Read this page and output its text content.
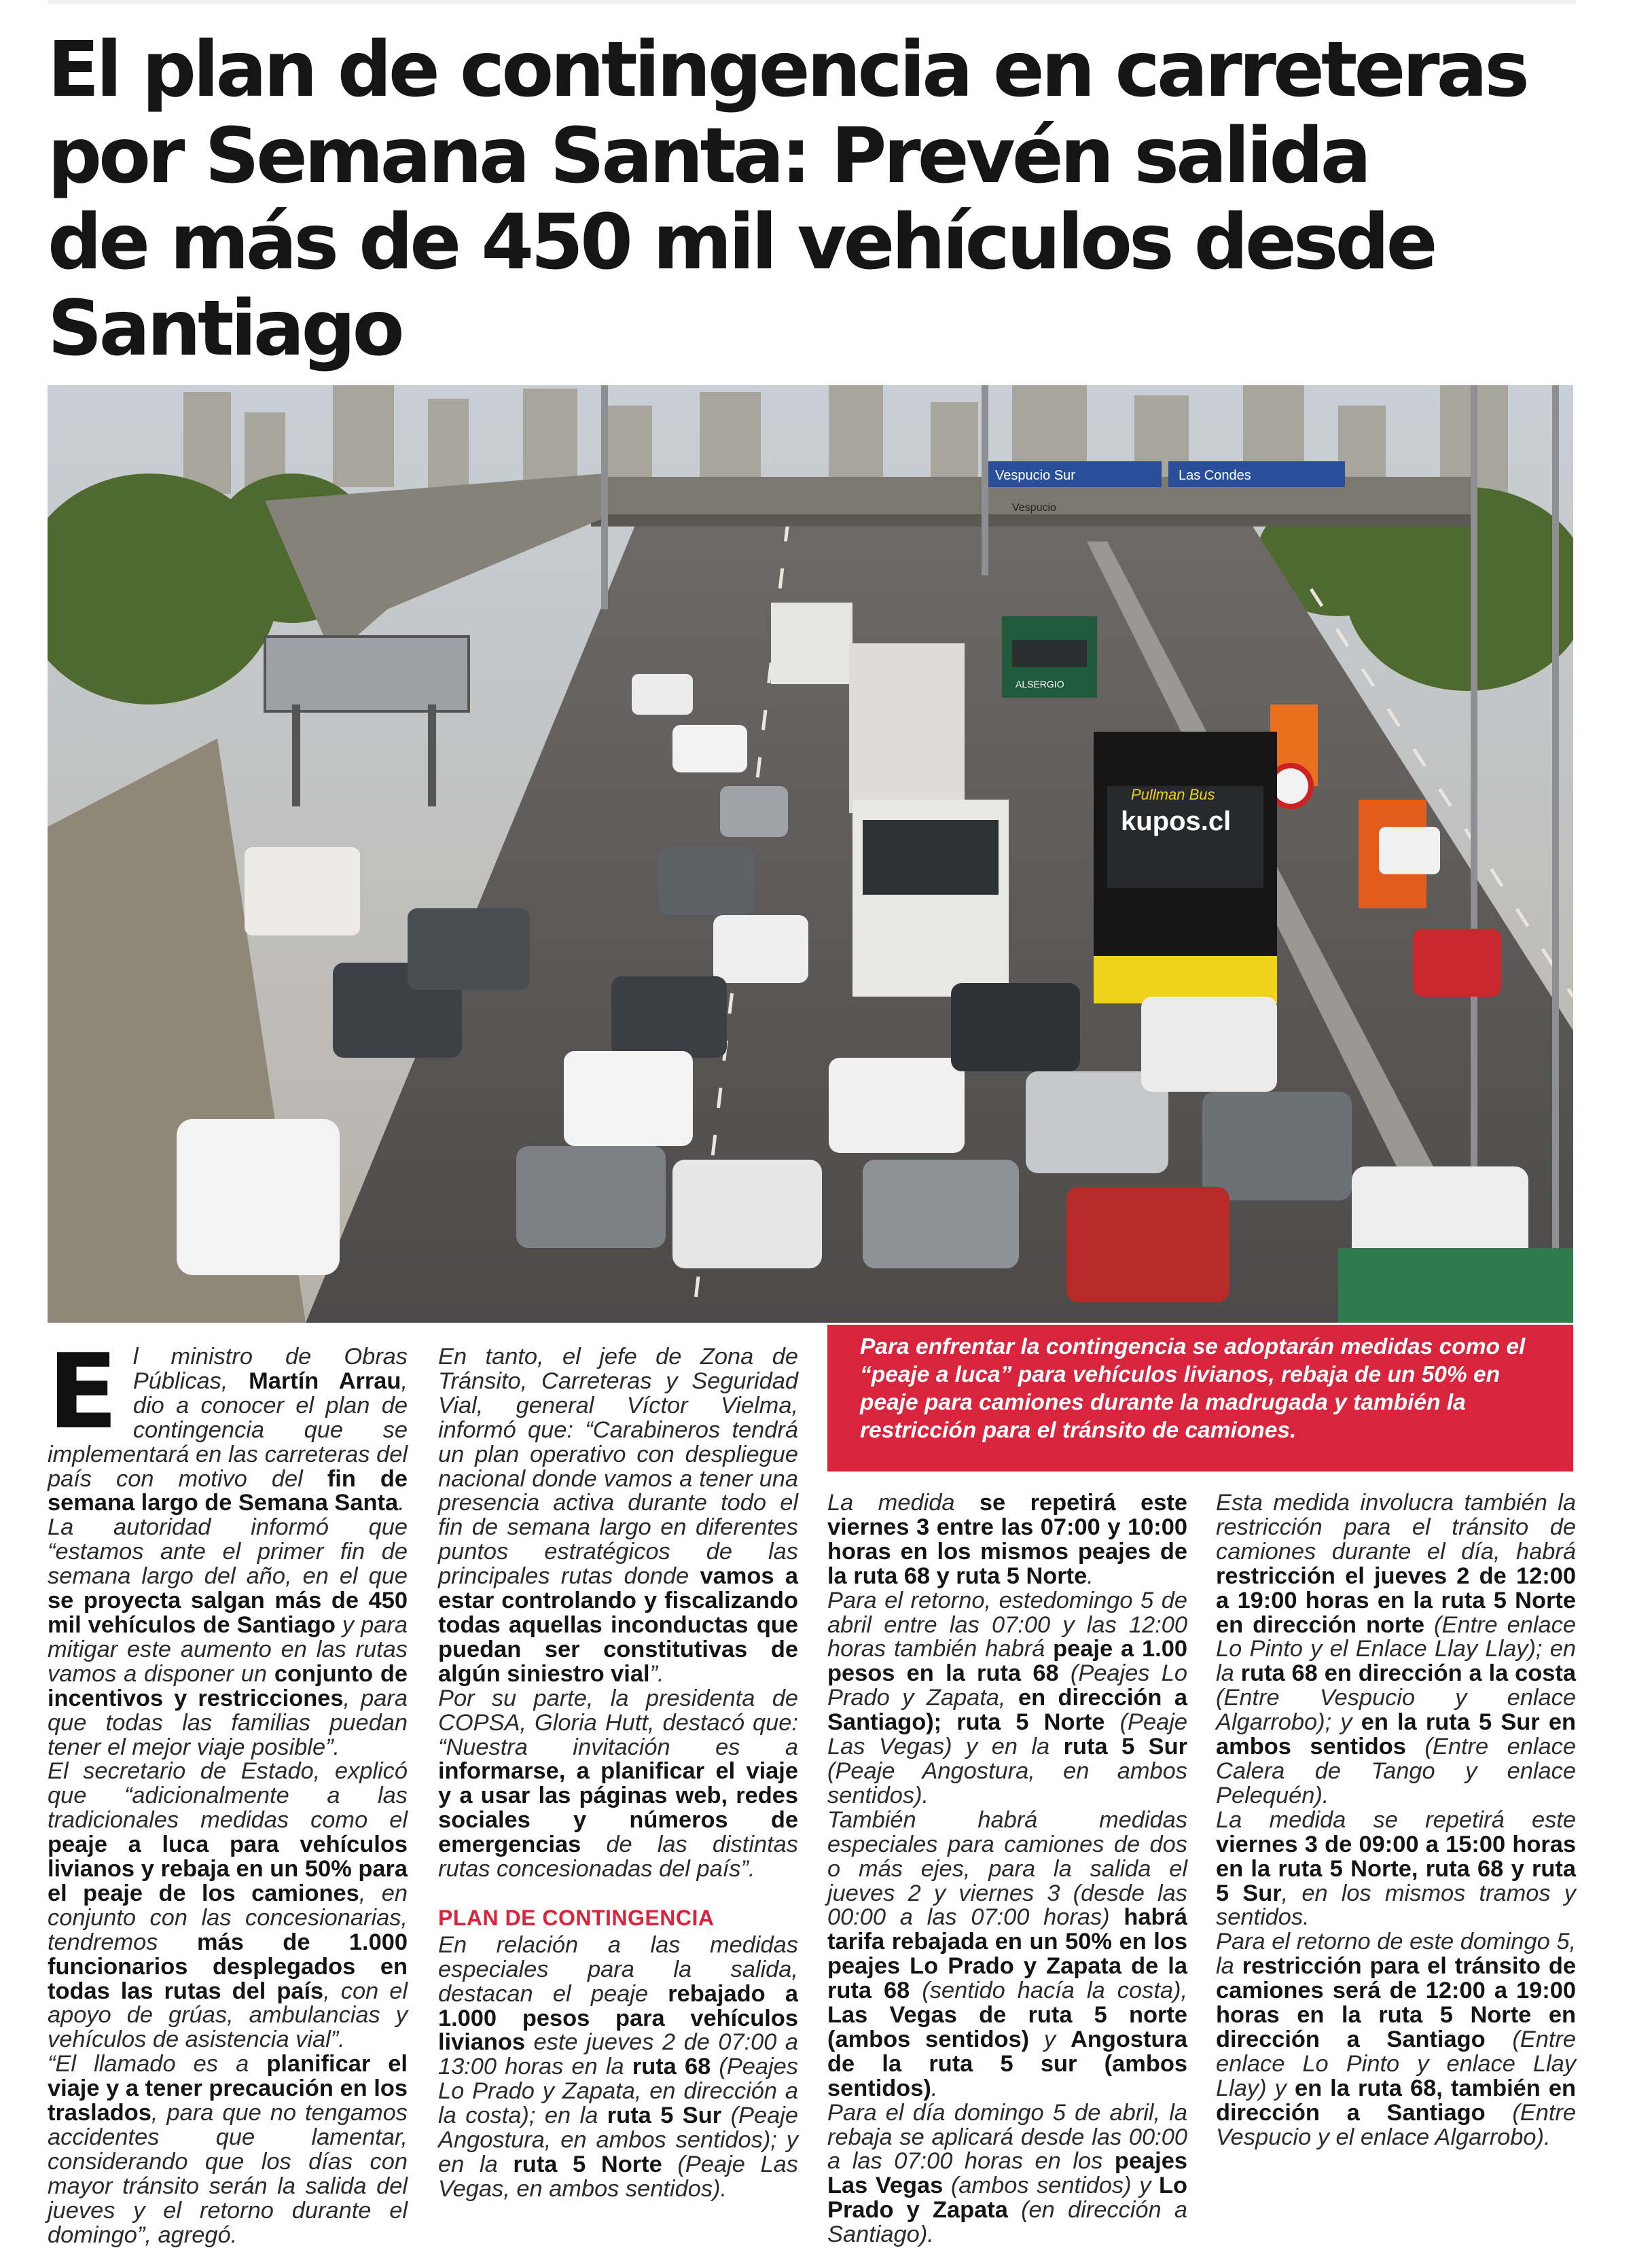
El plan de contingencia en carreteras
por Semana Santa: Prevén salida
de más de 450 mil vehículos desde
Santiago
Vespucio Sur	Las Condes
Vespucio
ALSERGIO
Pullman Bus
kupos.cl
Para enfrentar la contingencia se adoptarán medidas como el “peaje a luca” para vehículos livianos, rebaja de un 50% en peaje para camiones durante la madrugada y también la restricción para el tránsito de camiones.

El ministro de Obras Públicas, Martín Arrau, dio a conocer el plan de contingencia que se implementará en las carreteras del país con motivo del fin de semana largo de Semana Santa.

La autoridad informó que “estamos ante el primer fin de semana largo del año, en el que se proyecta salgan más de 450 mil vehículos de Santiago y para mitigar este aumento en las rutas vamos a disponer un conjunto de incentivos y restricciones, para que todas las familias puedan tener el mejor viaje posible”.

El secretario de Estado, explicó que “adicionalmente a las tradicionales medidas como el peaje a luca para vehículos livianos y rebaja en un 50% para el peaje de los camiones, en conjunto con las concesionarias, tendremos más de 1.000 funcionarios desplegados en todas las rutas del país, con el apoyo de grúas, ambulancias y vehículos de asistencia vial”.

“El llamado es a planificar el viaje y a tener precaución en los traslados, para que no tengamos accidentes que lamentar, considerando que los días con mayor tránsito serán la salida del jueves y el retorno durante el domingo”, agregó.

En tanto, el jefe de Zona de Tránsito, Carreteras y Seguridad Vial, general Víctor Vielma, informó que: “Carabineros tendrá un plan operativo con despliegue nacional donde vamos a tener una presencia activa durante todo el fin de semana largo en diferentes puntos estratégicos de las principales rutas donde vamos a estar controlando y fiscalizando todas aquellas inconductas que puedan ser constitutivas de algún siniestro vial”.

Por su parte, la presidenta de COPSA, Gloria Hutt, destacó que: “Nuestra invitación es a informarse, a planificar el viaje y a usar las páginas web, redes sociales y números de emergencias de las distintas rutas concesionadas del país”.

PLAN DE CONTINGENCIA

En relación a las medidas especiales para la salida, destacan el peaje rebajado a 1.000 pesos para vehículos livianos este jueves 2 de 07:00 a 13:00 horas en la ruta 68 (Peajes Lo Prado y Zapata, en dirección a la costa); en la ruta 5 Sur (Peaje Angostura, en ambos sentidos); y en la ruta 5 Norte (Peaje Las Vegas, en ambos sentidos).

La medida se repetirá este viernes 3 entre las 07:00 y 10:00 horas en los mismos peajes de la ruta 68 y ruta 5 Norte.

Para el retorno, estedomingo 5 de abril entre las 07:00 y las 12:00 horas también habrá peaje a 1.00 pesos en la ruta 68 (Peajes Lo Prado y Zapata, en dirección a Santiago); ruta 5 Norte (Peaje Las Vegas) y en la ruta 5 Sur (Peaje Angostura, en ambos sentidos).

También habrá medidas especiales para camiones de dos o más ejes, para la salida el jueves 2 y viernes 3 (desde las 00:00 a las 07:00 horas) habrá tarifa rebajada en un 50% en los peajes Lo Prado y Zapata de la ruta 68 (sentido hacía la costa), Las Vegas de ruta 5 norte (ambos sentidos) y Angostura de la ruta 5 sur (ambos sentidos).

Para el día domingo 5 de abril, la rebaja se aplicará desde las 00:00 a las 07:00 horas en los peajes Las Vegas (ambos sentidos) y Lo Prado y Zapata (en dirección a Santiago).

Esta medida involucra también la restricción para el tránsito de camiones durante el día, habrá restricción el jueves 2 de 12:00 a 19:00 horas en la ruta 5 Norte en dirección norte (Entre enlace Lo Pinto y el Enlace Llay Llay); en la ruta 68 en dirección a la costa (Entre Vespucio y enlace Algarrobo); y en la ruta 5 Sur en ambos sentidos (Entre enlace Calera de Tango y enlace Pelequén).

La medida se repetirá este viernes 3 de 09:00 a 15:00 horas en la ruta 5 Norte, ruta 68 y ruta 5 Sur, en los mismos tramos y sentidos.

Para el retorno de este domingo 5, la restricción para el tránsito de camiones será de 12:00 a 19:00 horas en la ruta 5 Norte en dirección a Santiago (Entre enlace Lo Pinto y enlace Llay Llay) y en la ruta 68, también en dirección a Santiago (Entre Vespucio y el enlace Algarrobo).
